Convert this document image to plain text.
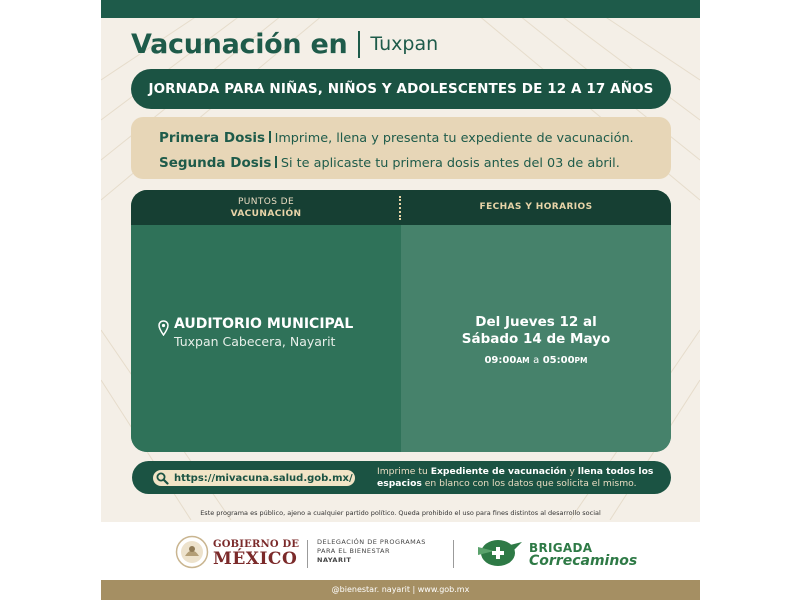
Vacunación en Tuxpan
JORNADA PARA NIÑAS, NIÑOS Y ADOLESCENTES DE 12 A 17 AÑOS
Primera Dosis Imprime, llena y presenta tu expediente de vacunación.
Segunda Dosis Si te aplicaste tu primera dosis antes del 03 de abril.
PUNTOS DE
VACUNACIÓN
FECHAS Y HORARIOS
AUDITORIO MUNICIPAL
Tuxpan Cabecera, Nayarit
Del Jueves 12 al
Sábado 14 de Mayo
09:00AM a 05:00PM
https://mivacuna.salud.gob.mx/
Imprime tu Expediente de vacunación y llena todos los espacios en blanco con los datos que solicita el mismo.
Este programa es público, ajeno a cualquier partido político. Queda prohibido el uso para fines distintos al desarrollo social
GOBIERNO DE
MÉXICO
DELEGACIÓN DE PROGRAMAS
PARA EL BIENESTAR
NAYARIT
BRIGADA
Correcaminos
@bienestar. nayarit | www.gob.mx
